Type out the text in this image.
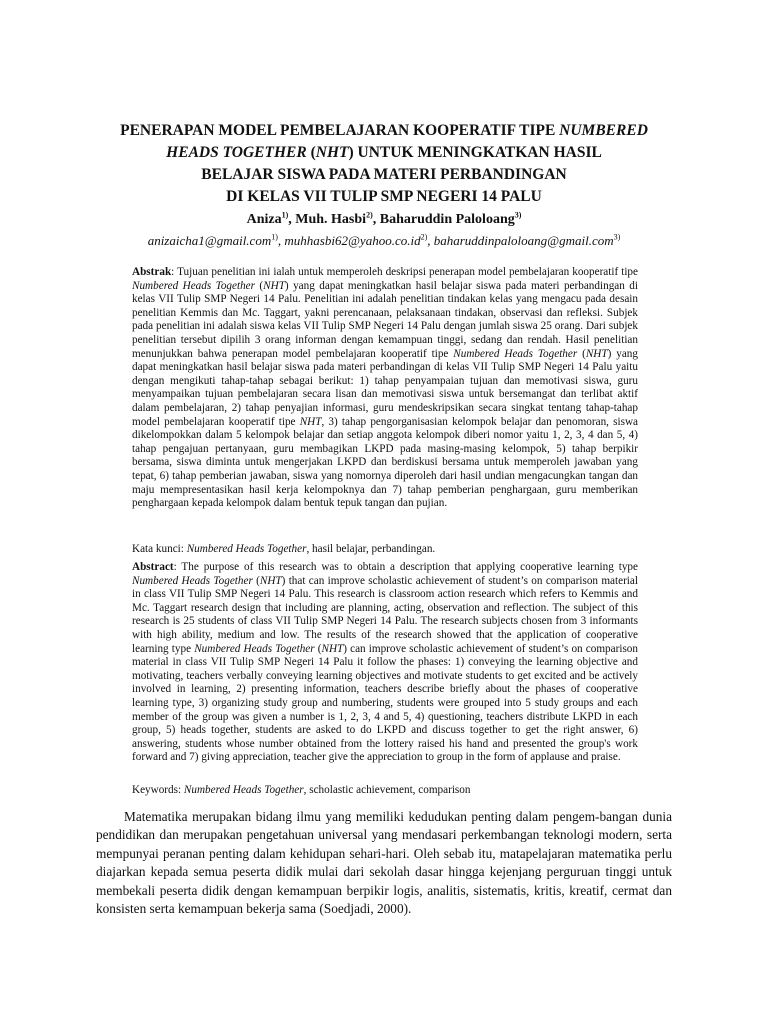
PENERAPAN MODEL PEMBELAJARAN KOOPERATIF TIPE NUMBERED
HEADS TOGETHER (NHT) UNTUK MENINGKATKAN HASIL
BELAJAR SISWA PADA MATERI PERBANDINGAN
DI KELAS VII TULIP SMP NEGERI 14 PALU
Aniza$^{1)}$, Muh. Hasbi$^{2)}$, Baharuddin Paloloang$^{3)}$
anizaicha1@gmail.com$^{1)}$, $muhhasbi62@yahoo.co.id^{2)}$, baharuddinpaloloang@gmail.com$^{3)}$

Abstrak: Tujuan penelitian ini ialah untuk memperoleh deskripsi penerapan model pembelajaran kooperatif tipe Numbered Heads Together (NHT) yang dapat meningkatkan hasil belajar siswa pada materi perbandingan di kelas VII Tulip SMP Negeri 14 Palu. Penelitian ini adalah penelitian tindakan kelas yang mengacu pada desain penelitian Kemmis dan Mc. Taggart, yakni perencanaan, pelaksanaan tindakan, observasi dan refleksi. Subjek pada penelitian ini adalah siswa kelas VII Tulip SMP Negeri 14 Palu dengan jumlah siswa 25 orang. Dari subjek penelitian tersebut dipilih 3 orang informan dengan kemampuan tinggi, sedang dan rendah. Hasil penelitian menunjukkan bahwa penerapan model pembelajaran kooperatif tipe Numbered Heads Together (NHT) yang dapat meningkatkan hasil belajar siswa pada materi perbandingan di kelas VII Tulip SMP Negeri 14 Palu yaitu dengan mengikuti tahap-tahap sebagai berikut: 1) tahap penyampaian tujuan dan memotivasi siswa, guru menyampaikan tujuan pembelajaran secara lisan dan memotivasi siswa untuk bersemangat dan terlibat aktif dalam pembelajaran, 2) tahap penyajian informasi, guru mendeskripsikan secara singkat tentang tahap-tahap model pembelajaran kooperatif tipe NHT, 3) tahap pengorganisasian kelompok belajar dan penomoran, siswa dikelompokkan dalam 5 kelompok belajar dan setiap anggota kelompok diberi nomor yaitu 1, 2, 3, 4 dan 5, 4) tahap pengajuan pertanyaan, guru membagikan LKPD pada masing-masing kelompok, 5) tahap berpikir bersama, siswa diminta untuk mengerjakan LKPD dan berdiskusi bersama untuk memperoleh jawaban yang tepat, 6) tahap pemberian jawaban, siswa yang nomornya diperoleh dari hasil undian mengacungkan tangan dan maju mempresentasikan hasil kerja kelompoknya dan 7) tahap pemberian penghargaan, guru memberikan penghargaan kepada kelompok dalam bentuk tepuk tangan dan pujian.

Kata kunci: Numbered Heads Together, hasil belajar, perbandingan.

Abstract: The purpose of this research was to obtain a description that applying cooperative learning type Numbered Heads Together (NHT) that can improve scholastic achievement of student’s on comparison material in class VII Tulip SMP Negeri 14 Palu. This research is classroom action research which refers to Kemmis and Mc. Taggart research design that including are planning, acting, observation and reflection. The subject of this research is 25 students of class VII Tulip SMP Negeri 14 Palu. The research subjects chosen from 3 informants with high ability, medium and low. The results of the research showed that the application of cooperative learning type Numbered Heads Together (NHT) can improve scholastic achievement of student’s on comparison material in class VII Tulip SMP Negeri 14 Palu it follow the phases: 1) conveying the learning objective and motivating, teachers verbally conveying learning objectives and motivate students to get excited and be actively involved in learning, 2) presenting information, teachers describe briefly about the phases of cooperative learning type, 3) organizing study group and numbering, students were grouped into 5 study groups and each member of the group was given a number is 1, 2, 3, 4 and 5, 4) questioning, teachers distribute LKPD in each group, 5) heads together, students are asked to do LKPD and discuss together to get the right answer, 6) answering, students whose number obtained from the lottery raised his hand and presented the group's work forward and 7) giving appreciation, teacher give the appreciation to group in the form of applause and praise.

Keywords: Numbered Heads Together, scholastic achievement, comparison

Matematika merupakan bidang ilmu yang memiliki kedudukan penting dalam pengem-bangan dunia pendidikan dan merupakan pengetahuan universal yang mendasari perkembangan teknologi modern, serta mempunyai peranan penting dalam kehidupan sehari-hari. Oleh sebab itu, matapelajaran matematika perlu diajarkan kepada semua peserta didik mulai dari sekolah dasar hingga kejenjang perguruan tinggi untuk membekali peserta didik dengan kemampuan berpikir logis, analitis, sistematis, kritis, kreatif, cermat dan konsisten serta kemampuan bekerja sama (Soedjadi, 2000).
